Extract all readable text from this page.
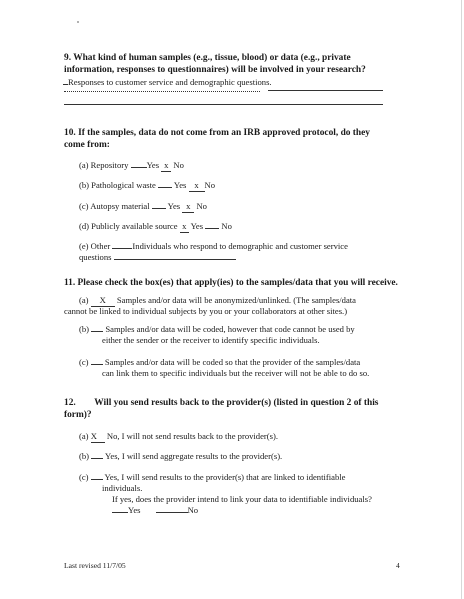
9. What kind of human samples (e.g., tissue, blood) or data (e.g., private information, responses to questionnaires) will be involved in your research?
Responses to customer service and demographic questions.
10. If the samples, data do not come from an IRB approved protocol, do they come from:
(a) Repository Yes x No
(b) Pathological waste Yes x No
(c) Autopsy material Yes x No
(d) Publicly available source x Yes No
(e) Other	Individuals who respond to demographic and customer service
questions
11. Please check the box(es) that apply(ies) to the samples/data that you will receive.
(a) X Samples and/or data will be anonymized/unlinked. (The samples/data
cannot be linked to individual subjects by you or your collaborators at other sites.)
(b) Samples and/or data will be coded, however that code cannot be used by
either the sender or the receiver to identify specific individuals.
(c) Samples and/or data will be coded so that the provider of the samples/data
can link them to specific individuals but the receiver will not be able to do so.
12.        Will you send results back to the provider(s) (listed in question 2 of this
form)?
(a) X No, I will not send results back to the provider(s).
(b) Yes, I will send aggregate results to the provider(s).
(c) Yes, I will send results to the provider(s) that are linked to identifiable
individuals.
If yes, does the provider intend to link your data to identifiable individuals?
Yes	No
Last revised 11/7/05	4
